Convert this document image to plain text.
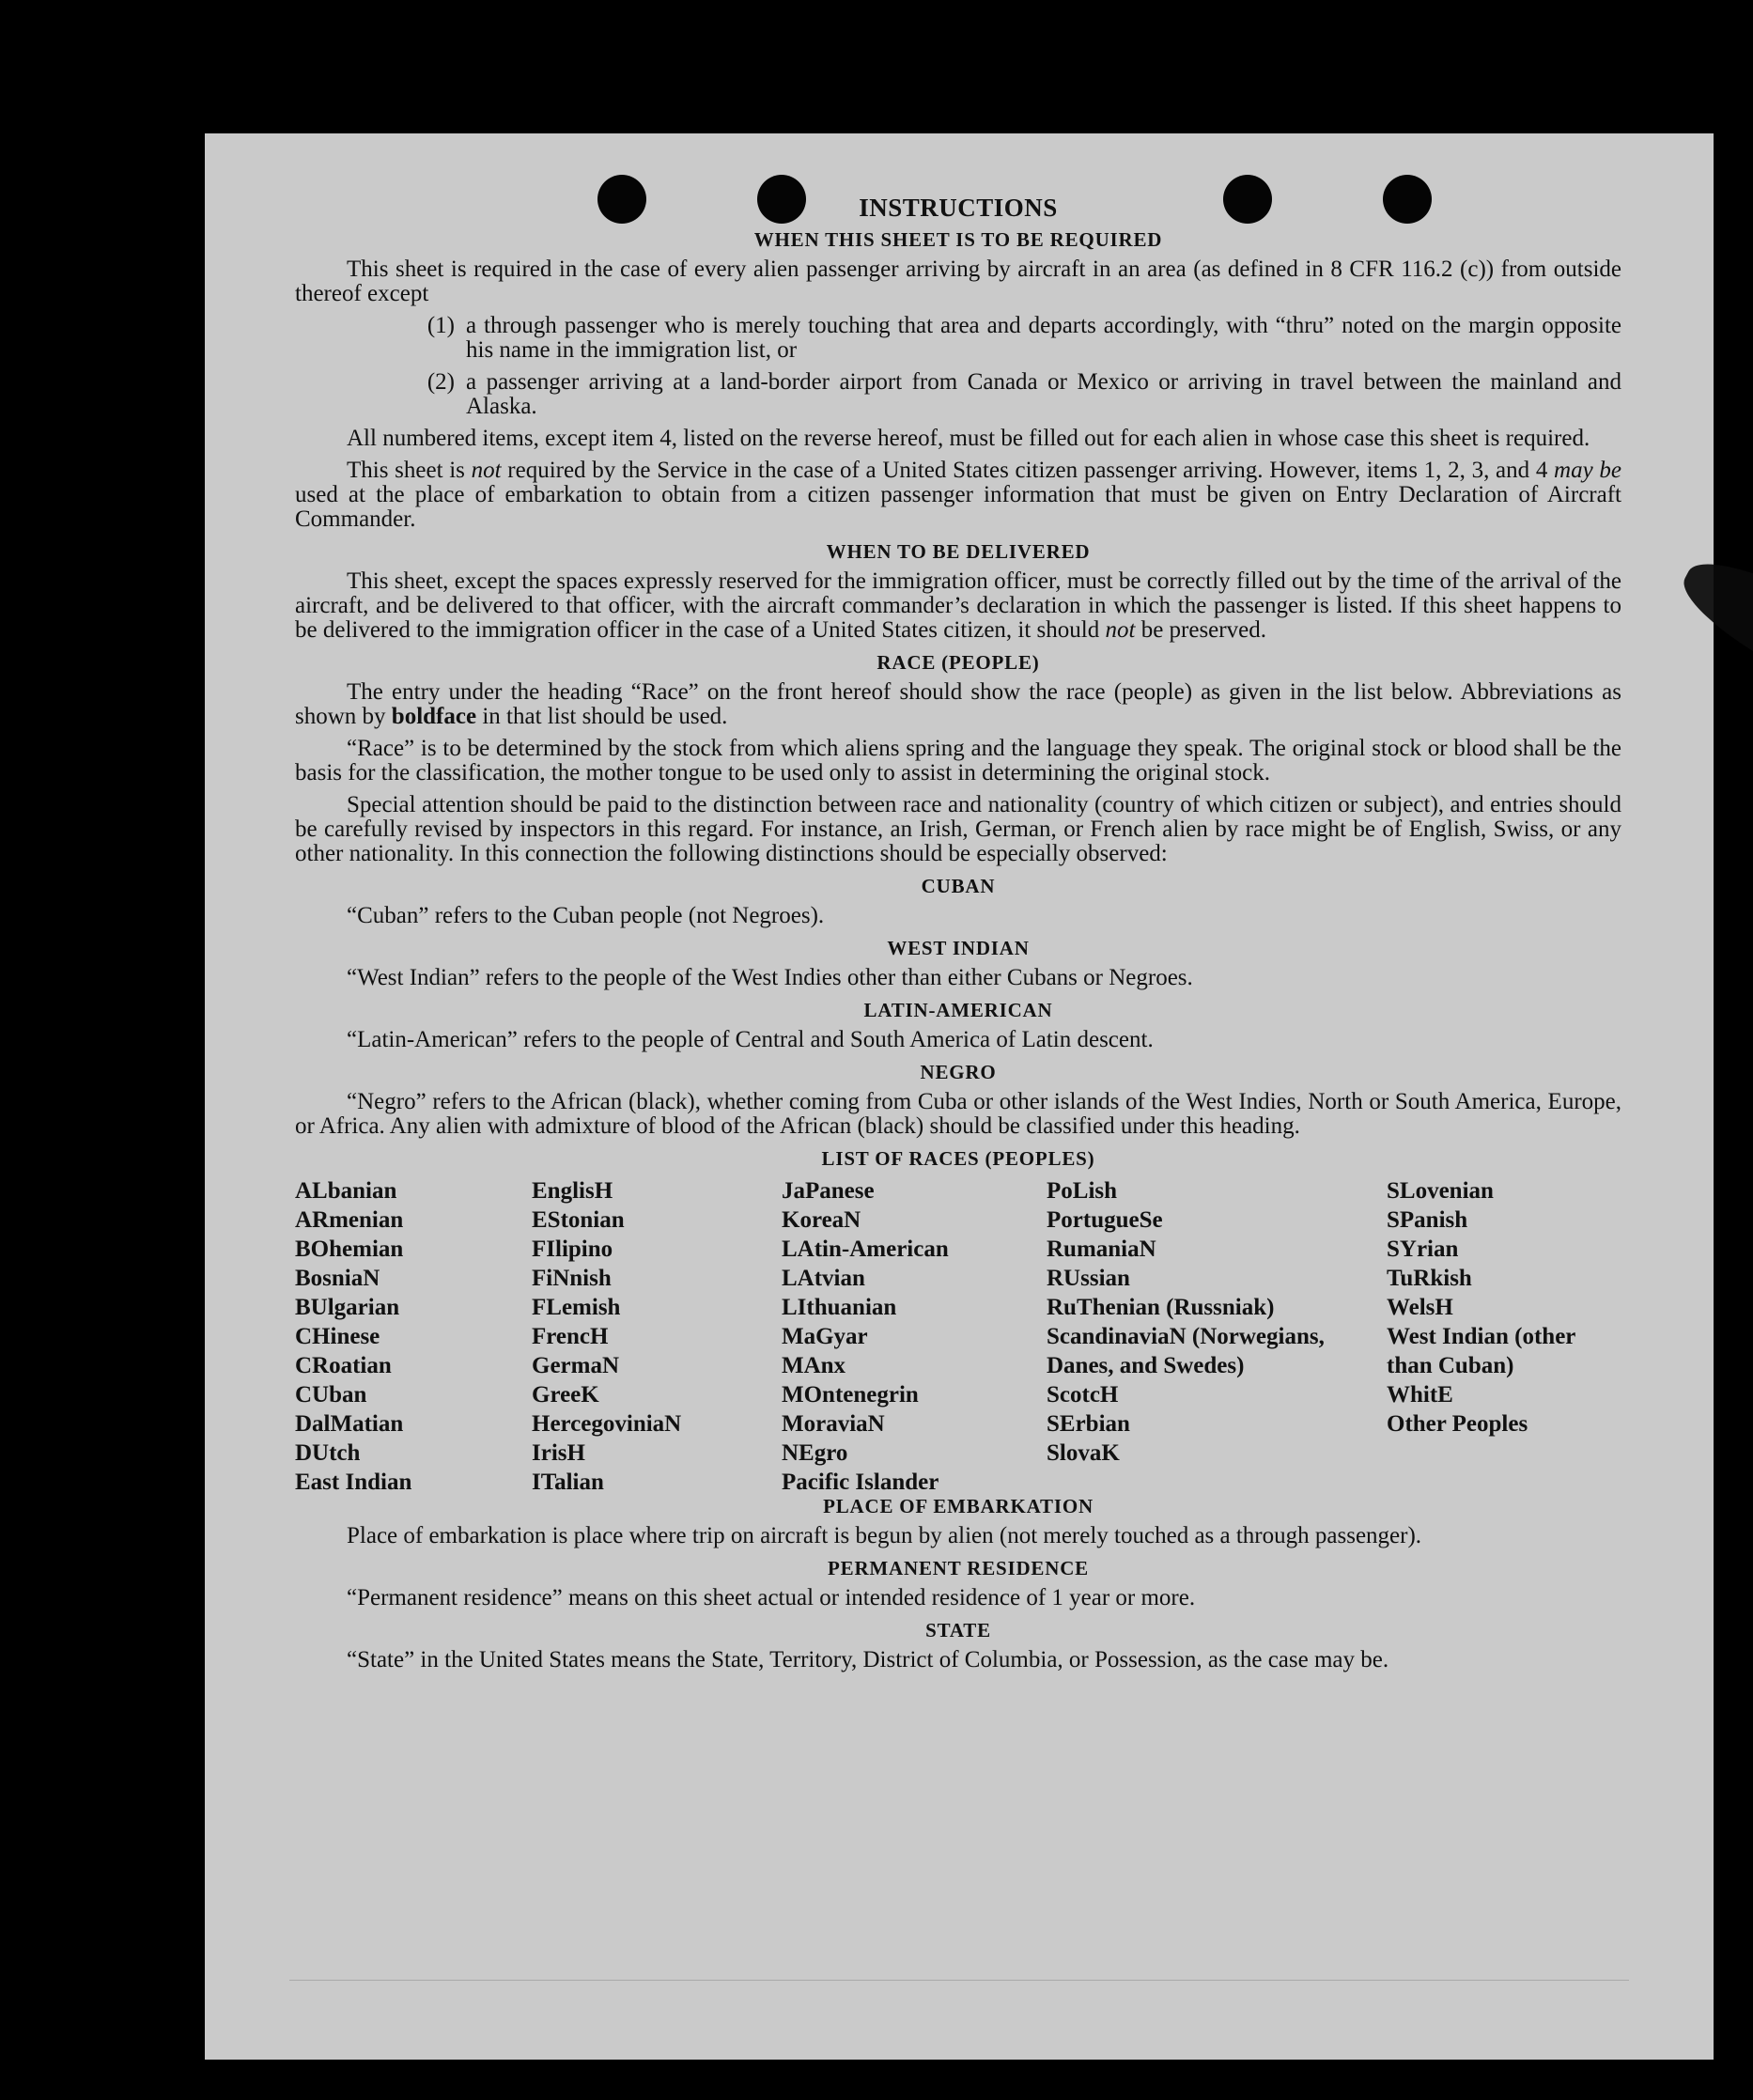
INSTRUCTIONS
WHEN THIS SHEET IS TO BE REQUIRED

This sheet is required in the case of every alien passenger arriving by aircraft in an area (as defined in 8 CFR 116.2 (c)) from outside thereof except

(1) a through passenger who is merely touching that area and departs accordingly, with “thru” noted on the margin opposite his name in the immigration list, or
(2) a passenger arriving at a land-border airport from Canada or Mexico or arriving in travel between the mainland and Alaska.

All numbered items, except item 4, listed on the reverse hereof, must be filled out for each alien in whose case this sheet is required.

This sheet is not required by the Service in the case of a United States citizen passenger arriving. However, items 1, 2, 3, and 4 may be used at the place of embarkation to obtain from a citizen passenger information that must be given on Entry Declaration of Aircraft Commander.

WHEN TO BE DELIVERED

This sheet, except the spaces expressly reserved for the immigration officer, must be correctly filled out by the time of the arrival of the aircraft, and be delivered to that officer, with the aircraft commander’s declaration in which the passenger is listed. If this sheet happens to be delivered to the immigration officer in the case of a United States citizen, it should not be preserved.

RACE (PEOPLE)

The entry under the heading “Race” on the front hereof should show the race (people) as given in the list below. Abbreviations as shown by boldface in that list should be used.

“Race” is to be determined by the stock from which aliens spring and the language they speak. The original stock or blood shall be the basis for the classification, the mother tongue to be used only to assist in determining the original stock.

Special attention should be paid to the distinction between race and nationality (country of which citizen or subject), and entries should be carefully revised by inspectors in this regard. For instance, an Irish, German, or French alien by race might be of English, Swiss, or any other nationality. In this connection the following distinctions should be especially observed:

CUBAN

“Cuban” refers to the Cuban people (not Negroes).

WEST INDIAN

“West Indian” refers to the people of the West Indies other than either Cubans or Negroes.

LATIN-AMERICAN

“Latin-American” refers to the people of Central and South America of Latin descent.

NEGRO

“Negro” refers to the African (black), whether coming from Cuba or other islands of the West Indies, North or South America, Europe, or Africa. Any alien with admixture of blood of the African (black) should be classified under this heading.

LIST OF RACES (PEOPLES)
ALbanian
ARmenian
BOhemian
BosniaN
BUlgarian
CHinese
CRoatian
CUban
DalMatian
DUtch
East Indian
EnglisH
EStonian
FIlipino
FiNnish
FLemish
FrencH
GermaN
GreeK
HercegoviniaN
IrisH
ITalian
JaPanese
KoreaN
LAtin-American
LAtvian
LIthuanian
MaGyar
MAnx
MOntenegrin
MoraviaN
NEgro
Pacific Islander
PoLish
PortugueSe
RumaniaN
RUssian
RuThenian (Russniak)
ScandinaviaN (Norwegians, Danes, and Swedes)
ScotcH
SErbian
SlovaK
SLovenian
SPanish
SYrian
TuRkish
WelsH
West Indian (other than Cuban)
WhitE
Other Peoples
PLACE OF EMBARKATION

Place of embarkation is place where trip on aircraft is begun by alien (not merely touched as a through passenger).

PERMANENT RESIDENCE

“Permanent residence” means on this sheet actual or intended residence of 1 year or more.

STATE

“State” in the United States means the State, Territory, District of Columbia, or Possession, as the case may be.
